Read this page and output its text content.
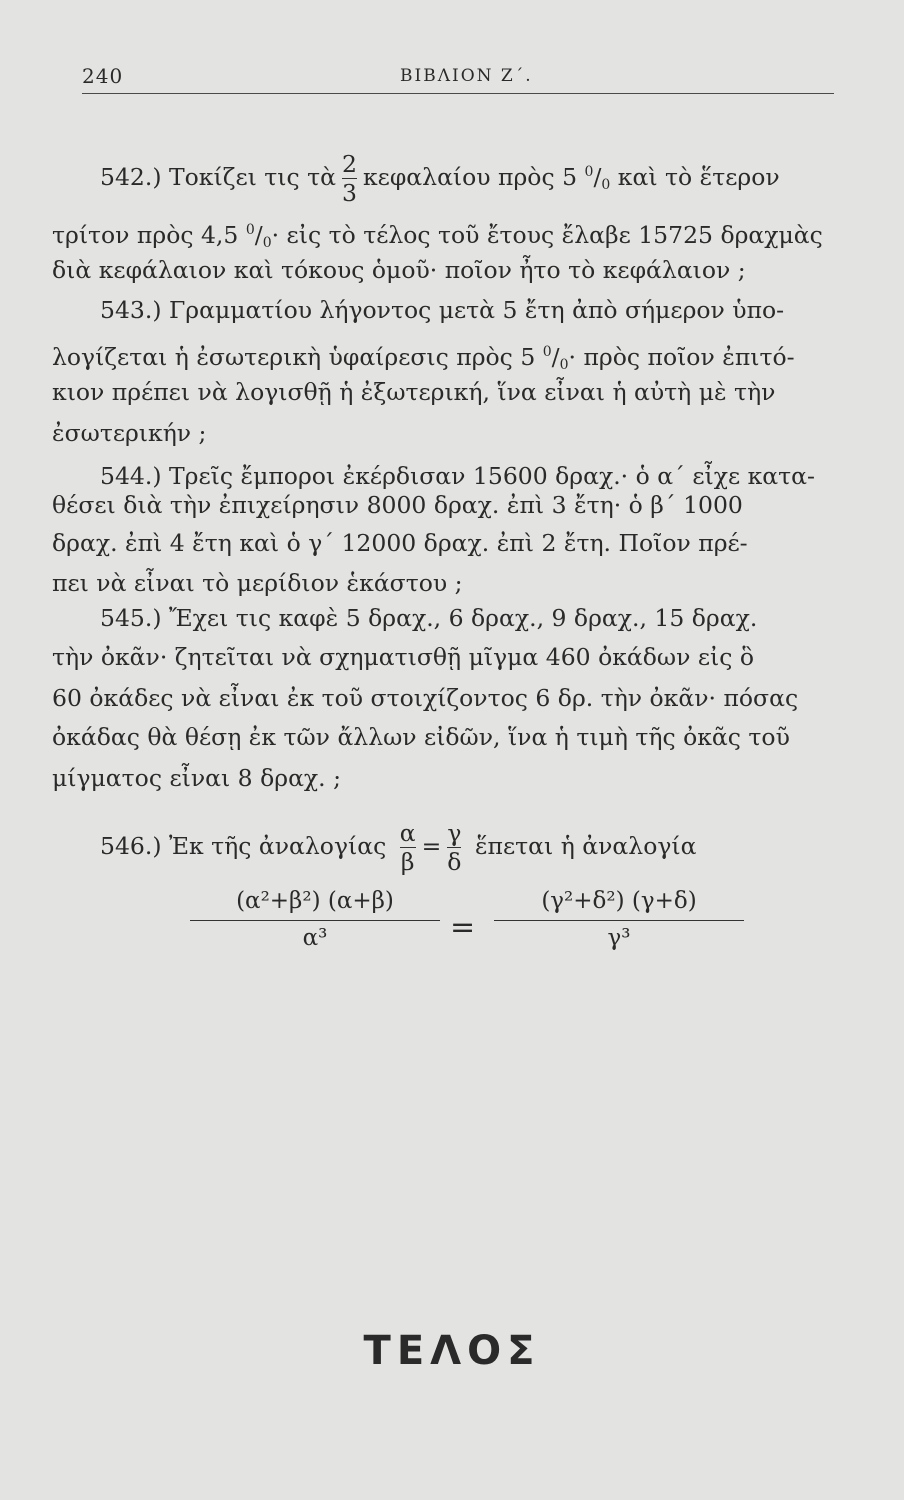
240	ΒΙΒΛΙΟΝ Ζ΄.
542.) Τοκίζει τις τὰ $\frac{2}{3}$ κεφαλαίου πρὸς 5 $^0/_0$ καὶ τὸ ἕτερον
τρίτον πρὸς 4,5 $^0/_0\cdot$ εἰς τὸ τέλος τοῦ ἔτους ἔλαβε 15725 δραχμὰς
διὰ κεφάλαιον καὶ τόκους ὁμοῦ· ποῖον ἦτο τὸ κεφάλαιον ;
543.) Γραμματίου λήγοντος μετὰ 5 ἔτη ἀπὸ σήμερον ὑπο-
λογίζεται ἡ ἐσωτερικὴ ὑφαίρεσις πρὸς 5 $^0/_0\cdot$ πρὸς ποῖον ἐπιτό-
κιον πρέπει νὰ λογισθῇ ἡ ἐξωτερική, ἵνα εἶναι ἡ αὐτὴ μὲ τὴν
ἐσωτερικήν ;
544.) Τρεῖς ἔμποροι ἐκέρδισαν 15600 δραχ.· ὁ α΄ εἶχε κατα-
θέσει διὰ τὴν ἐπιχείρησιν 8000 δραχ. ἐπὶ 3 ἔτη· ὁ β΄ 1000
δραχ. ἐπὶ 4 ἔτη καὶ ὁ γ΄ 12000 δραχ. ἐπὶ 2 ἔτη. Ποῖον πρέ-
πει νὰ εἶναι τὸ μερίδιον ἑκάστου ;
545.) Ἔχει τις καφὲ 5 δραχ., 6 δραχ., 9 δραχ., 15 δραχ.
τὴν ὀκᾶν· ζητεῖται νὰ σχηματισθῇ μῖγμα 460 ὀκάδων εἰς ὃ
60 ὀκάδες νὰ εἶναι ἐκ τοῦ στοιχίζοντος 6 δρ. τὴν ὀκᾶν· πόσας
ὀκάδας θὰ θέσῃ ἐκ τῶν ἄλλων εἰδῶν, ἵνα ἡ τιμὴ τῆς ὀκᾶς τοῦ
μίγματος εἶναι 8 δραχ. ;
546.) Ἐκ τῆς ἀναλογίας $\frac{\alpha}{\beta} = \frac{\gamma}{\delta}$ ἕπεται ἡ ἀναλογία
(α²+β²) (α+β)
α³	=
(γ²+δ²) (γ+δ)
γ³
ΤΕΛΟΣ
